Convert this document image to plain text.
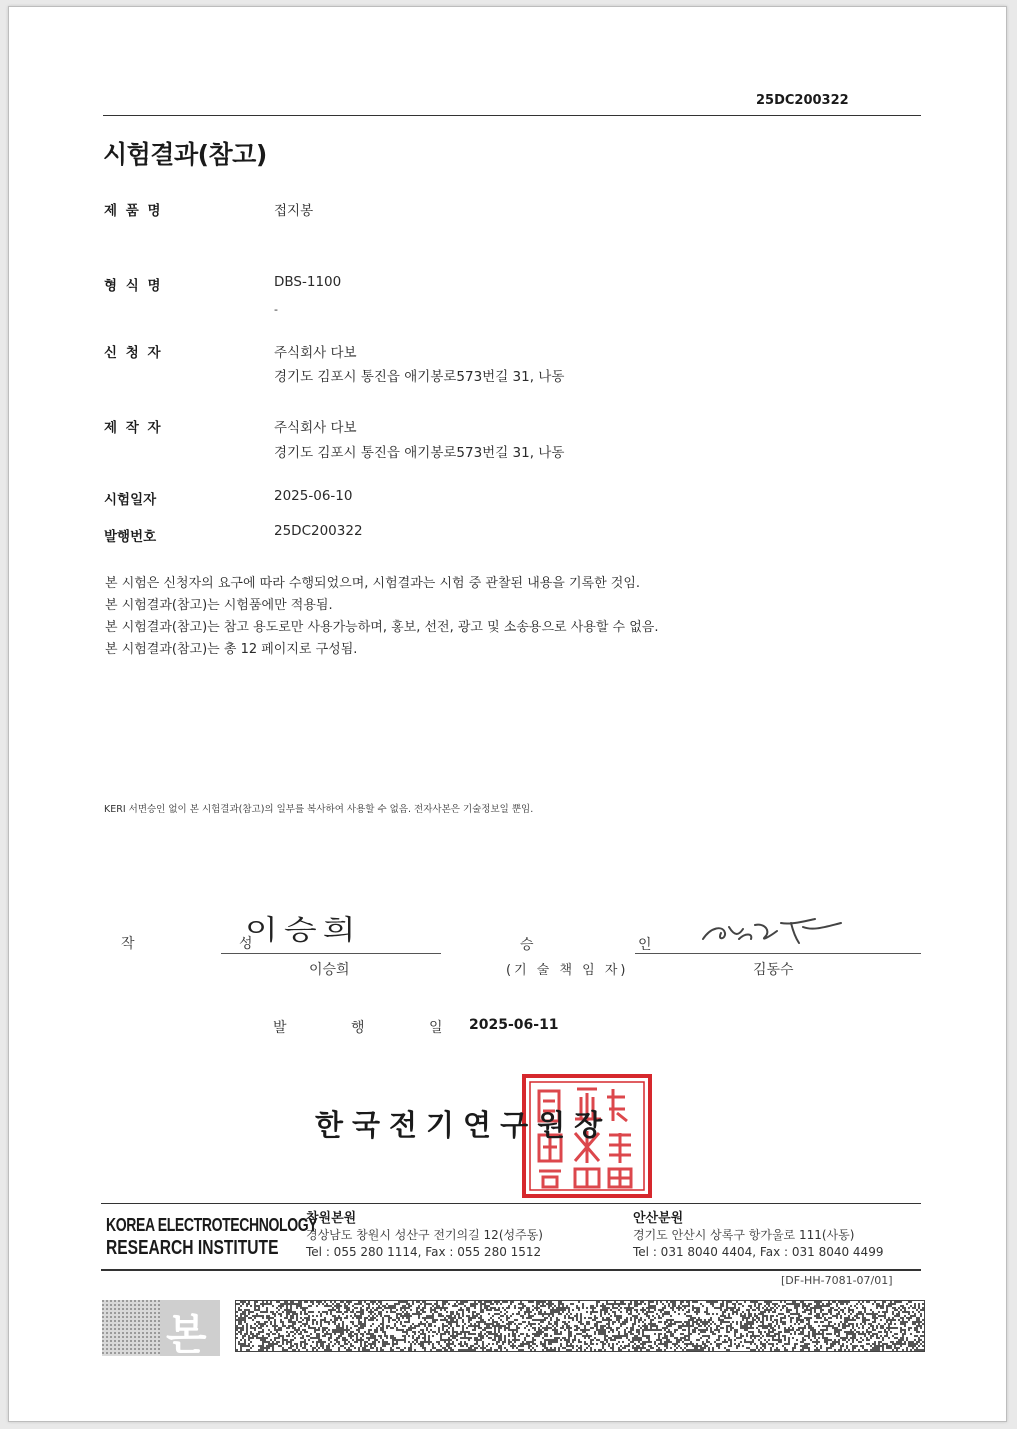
25DC200322
시험결과(참고)
제 품 명	접지봉
형 식 명	DBS-1100
-
신 청 자	주식회사 다보
경기도 김포시 통진읍 애기봉로573번길 31, 나동
제 작 자	주식회사 다보
경기도 김포시 통진읍 애기봉로573번길 31, 나동
시험일자	2025-06-10
발행번호	25DC200322
본 시험은 신청자의 요구에 따라 수행되었으며, 시험결과는 시험 중 관찰된 내용을 기록한 것임.
본 시험결과(참고)는 시험품에만 적용됨.
본 시험결과(참고)는 참고 용도로만 사용가능하며, 홍보, 선전, 광고 및 소송용으로 사용할 수 없음.
본 시험결과(참고)는 총 12 페이지로 구성됨.
KERI 서면승인 없이 본 시험결과(참고)의 일부를 복사하여 사용할 수 없음. 전자사본은 기술정보일 뿐임.
작 성
이승희
이승희
승 인
(기 술 책 임 자)	김동수
발 행 일
2025-06-11
한국전기연구원장
KOREA ELECTROTECHNOLOGY
RESEARCH INSTITUTE
창원본원
경상남도 창원시 성산구 전기의길 12(성주동)
Tel : 055 280 1114, Fax : 055 280 1512
안산분원
경기도 안산시 상록구 항가울로 111(사동)
Tel : 031 8040 4404, Fax : 031 8040 4499
[DF-HH-7081-07/01]
본
